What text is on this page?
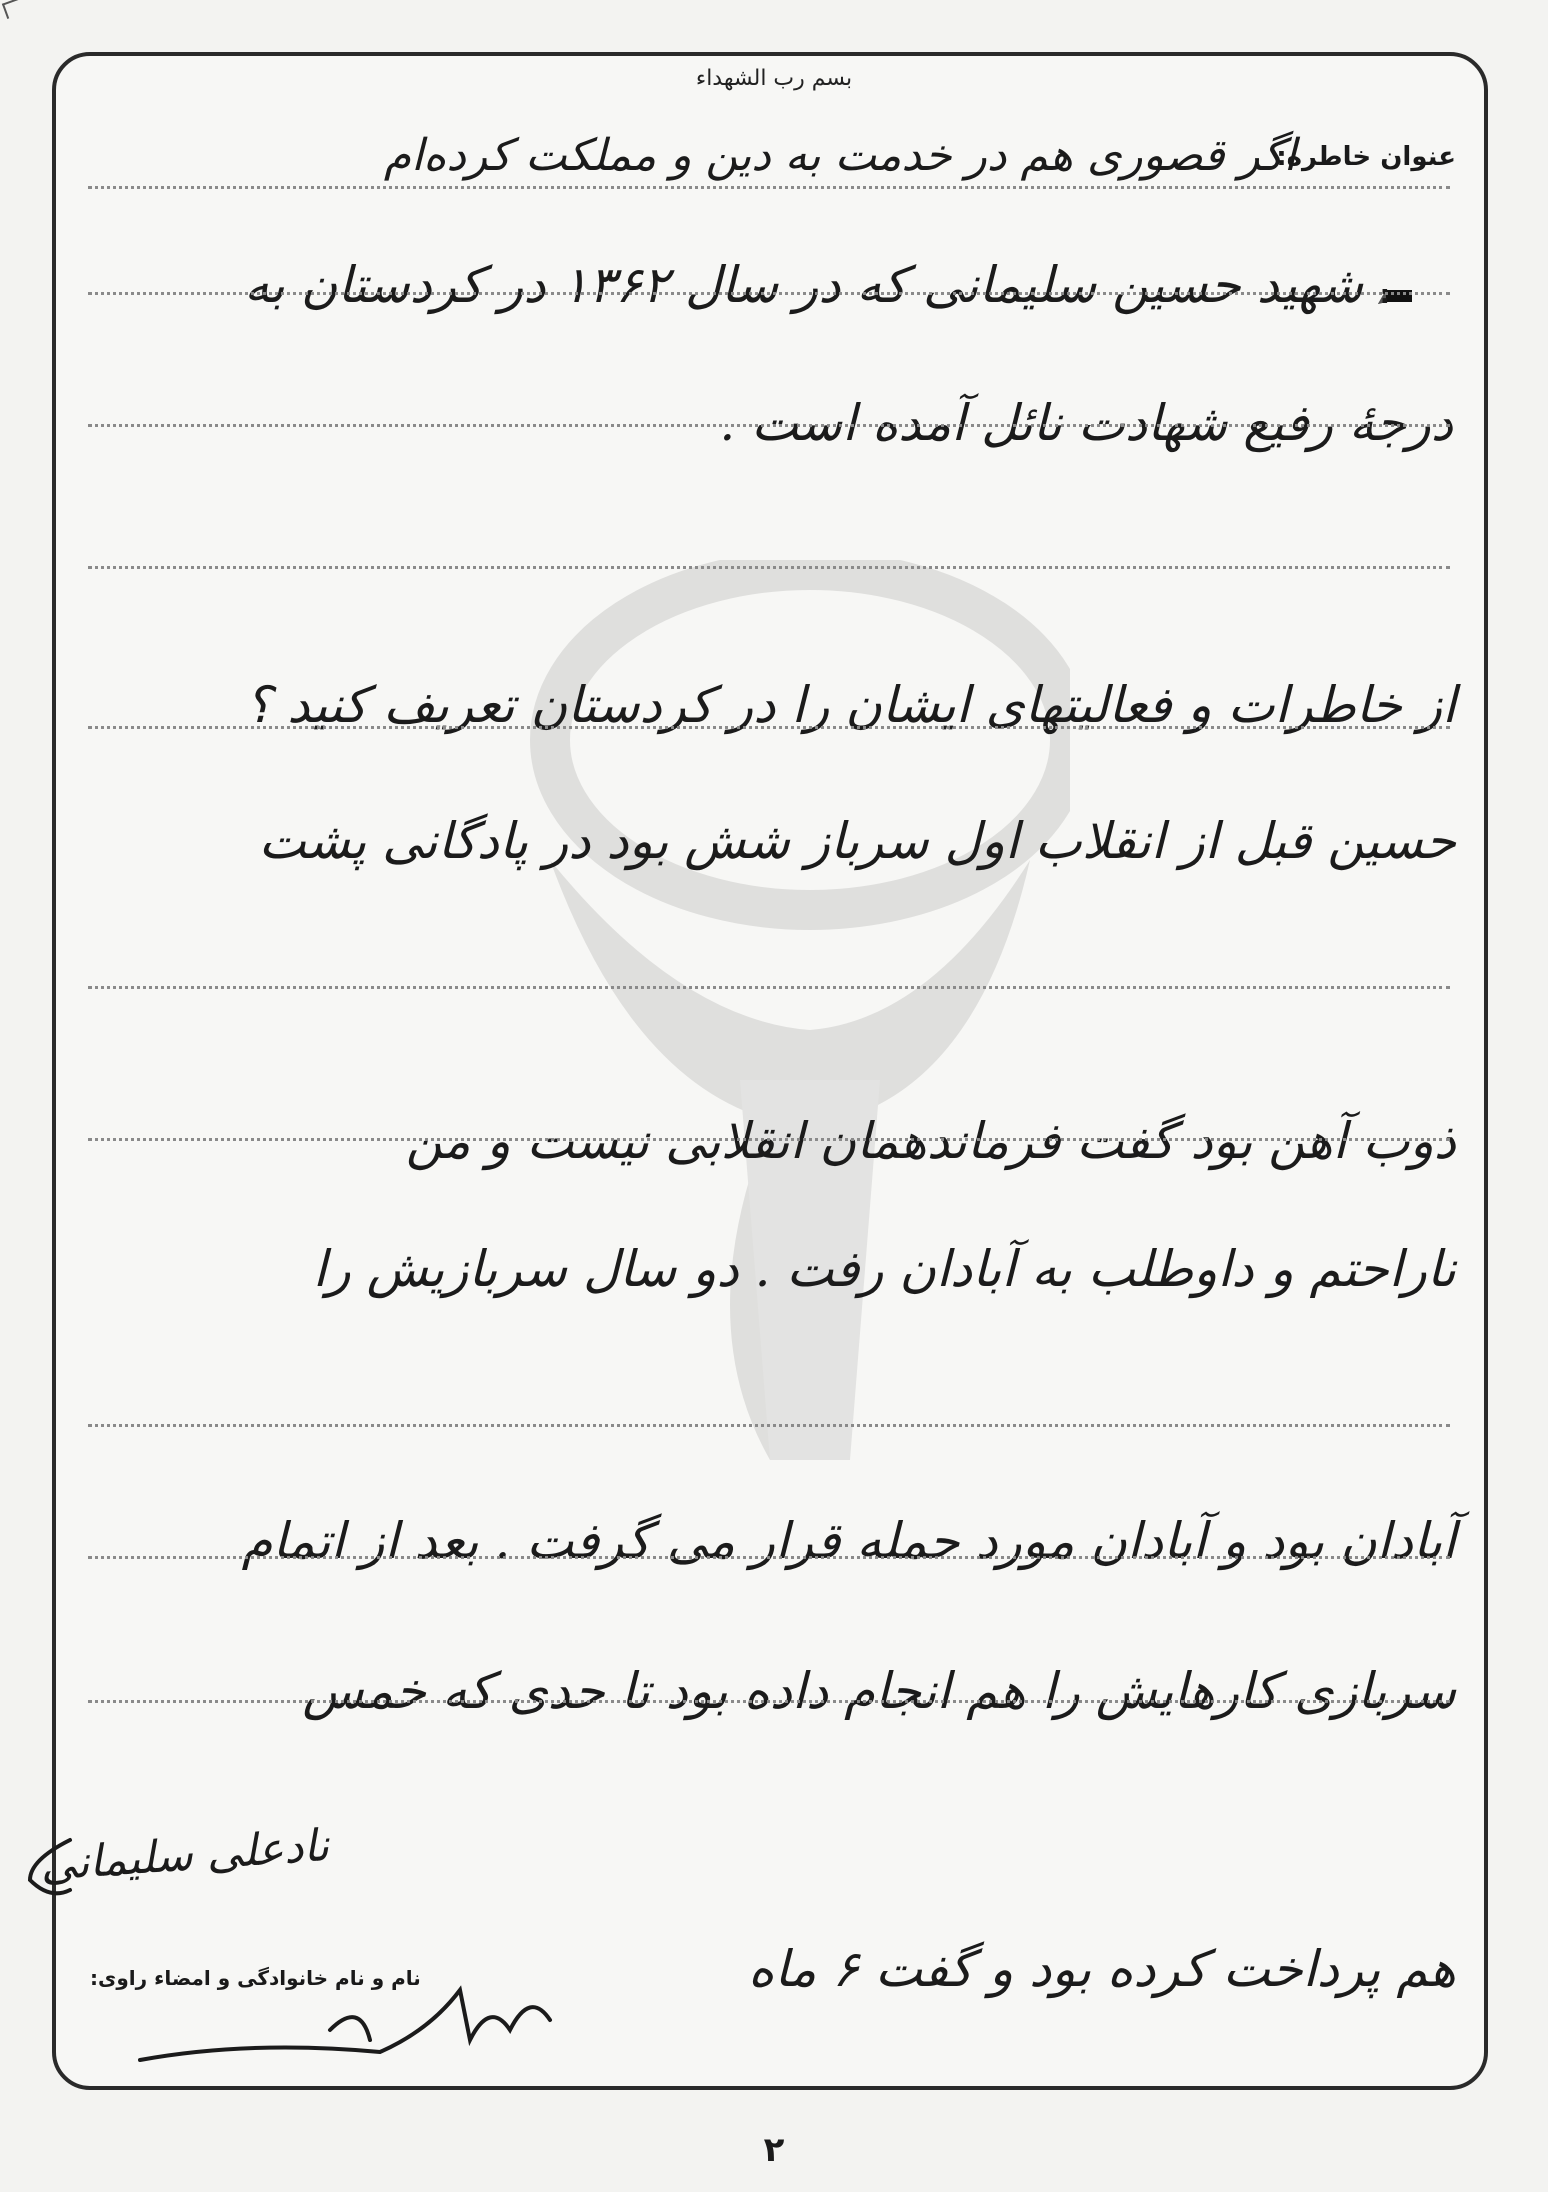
بسم رب الشهداء
عنوان خاطره:
اگر قصوری هم در خدمت به دین و مملکت کرده‌ام
:
شهید حسین سلیمانی که در سال ۱۳۶۲ در کردستان به
درجهٔ رفیع شهادت نائل آمده است .
از خاطرات و فعالیتهای ایشان را در کردستان تعریف کنید ؟
حسین قبل از انقلاب اول سرباز شش بود در پادگانی پشت
ذوب آهن بود گفت فرماندهمان انقلابی نیست و من
ناراحتم و داوطلب به آبادان رفت . دو سال سربازیش را
آبادان بود و آبادان مورد حمله قرار می گرفت . بعد از اتمام
سربازی کارهایش را هم انجام داده بود تا حدی که خمس
نادعلی سلیمانی
نام و نام خانوادگی و امضاء راوی:	هم پرداخت کرده بود و گفت ۶ ماه
۲
